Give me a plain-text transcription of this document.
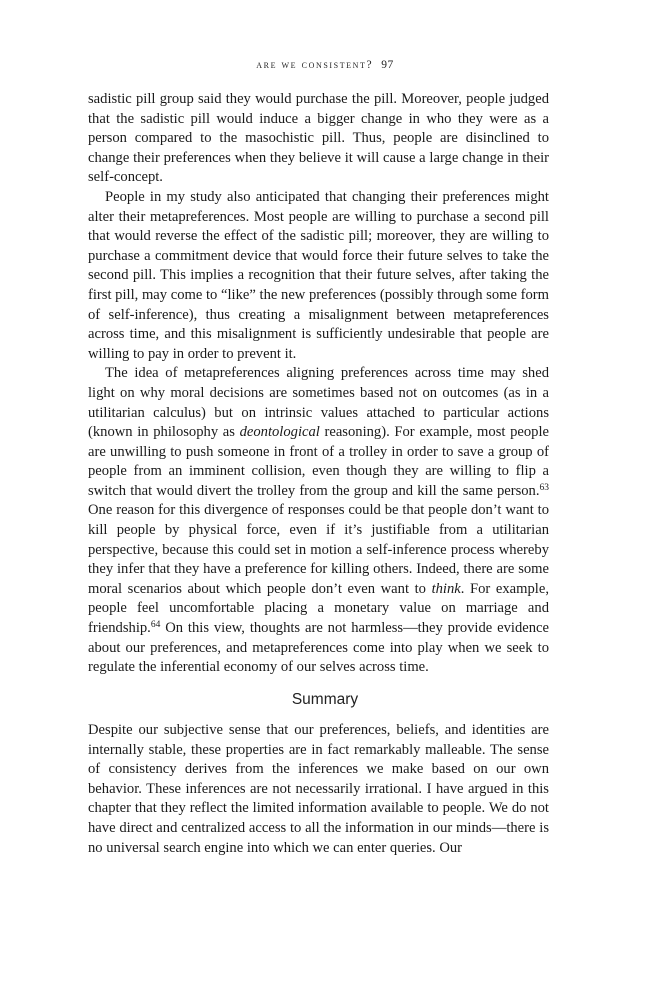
are we consistent? 97

sadistic pill group said they would purchase the pill. Moreover, people judged that the sadistic pill would induce a bigger change in who they were as a person compared to the masochistic pill. Thus, people are disinclined to change their preferences when they believe it will cause a large change in their self-concept.

People in my study also anticipated that changing their preferences might alter their metapreferences. Most people are willing to purchase a second pill that would reverse the effect of the sadistic pill; moreover, they are willing to purchase a commitment device that would force their future selves to take the second pill. This implies a recognition that their future selves, after taking the first pill, may come to “like” the new preferences (possibly through some form of self-inference), thus creating a misalignment between metapreferences across time, and this misalignment is sufficiently undesirable that people are willing to pay in order to prevent it.

The idea of metapreferences aligning preferences across time may shed light on why moral decisions are sometimes based not on outcomes (as in a utilitarian calculus) but on intrinsic values attached to particular actions (known in philosophy as deontological reasoning). For example, most people are unwilling to push someone in front of a trolley in order to save a group of people from an imminent collision, even though they are willing to flip a switch that would divert the trolley from the group and kill the same person.$^{63}$ One reason for this divergence of responses could be that people don’t want to kill people by physical force, even if it’s justifiable from a utilitarian perspective, because this could set in motion a self-inference process whereby they infer that they have a preference for killing others. Indeed, there are some moral scenarios about which people don’t even want to think. For example, people feel uncomfortable placing a monetary value on marriage and friendship.$^{64}$ On this view, thoughts are not harmless—they provide evidence about our preferences, and metapreferences come into play when we seek to regulate the inferential economy of our selves across time.

Summary

Despite our subjective sense that our preferences, beliefs, and identities are internally stable, these properties are in fact remarkably malleable. The sense of consistency derives from the inferences we make based on our own behavior. These inferences are not necessarily irrational. I have argued in this chapter that they reflect the limited information available to people. We do not have direct and centralized access to all the information in our minds—there is no universal search engine into which we can enter queries. Our
